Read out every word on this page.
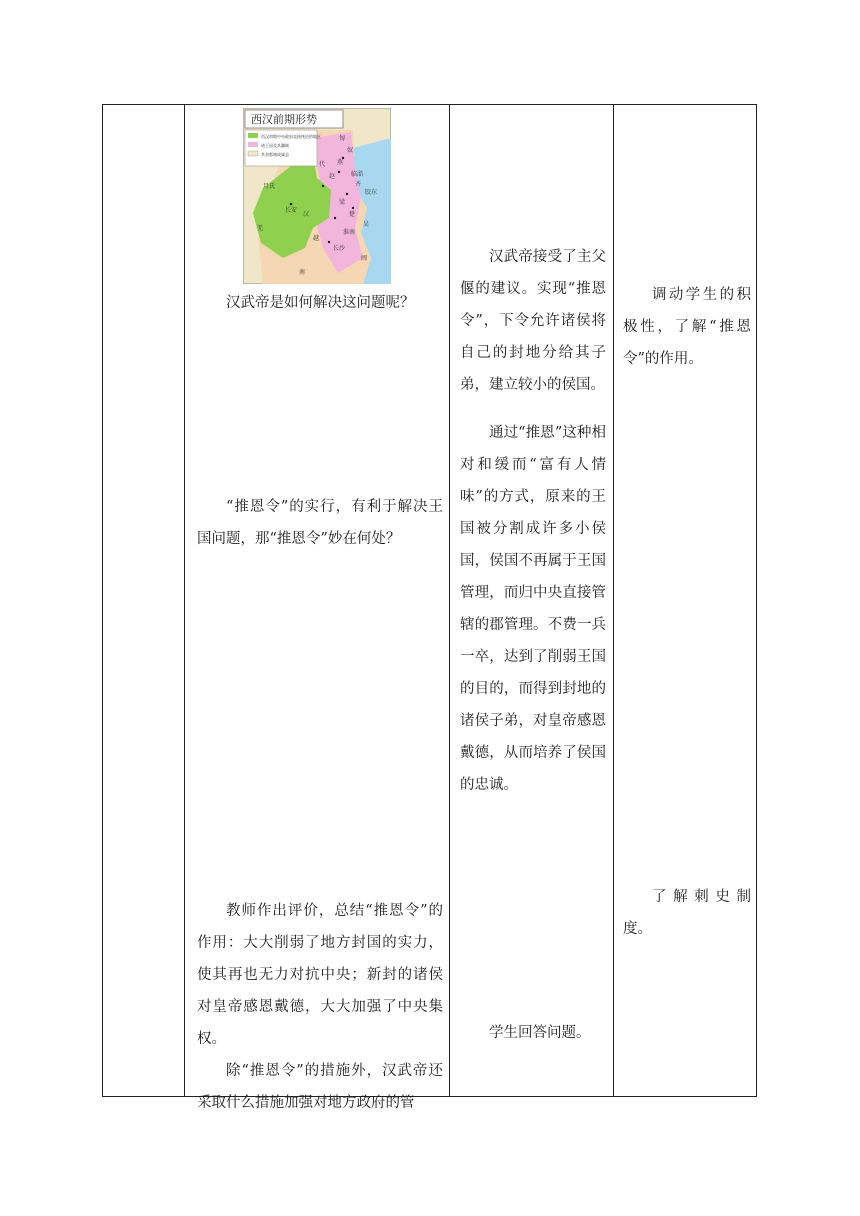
西汉前期形势
西汉初期中央政府直接统治的地区
诸王国及其疆域
其余都城或属县
匈
奴
月氏
羌
长安
汉
长沙
越
南
闽
楚
吴
齐
燕
赵
梁
代
淮南
胶东
临淄

汉武帝是如何解决这问题呢？

“推恩令”的实行，有利于解决王国问题，那“推恩令”妙在何处？

教师作出评价，总结“推恩令”的作用：大大削弱了地方封国的实力，使其再也无力对抗中央；新封的诸侯对皇帝感恩戴德，大大加强了中央集权。

除“推恩令”的措施外，汉武帝还采取什么措施加强对地方政府的管

汉武帝接受了主父偃的建议。实现“推恩令”，下令允许诸侯将自己的封地分给其子弟，建立较小的侯国。

通过“推恩”这种相对和缓而“富有人情味”的方式，原来的王国被分割成许多小侯国，侯国不再属于王国管理，而归中央直接管辖的郡管理。不费一兵一卒，达到了削弱王国的目的，而得到封地的诸侯子弟，对皇帝感恩戴德，从而培养了侯国的忠诚。

学生回答问题。

调动学生的积极性，了解“推恩令”的作用。

了解刺史制度。
